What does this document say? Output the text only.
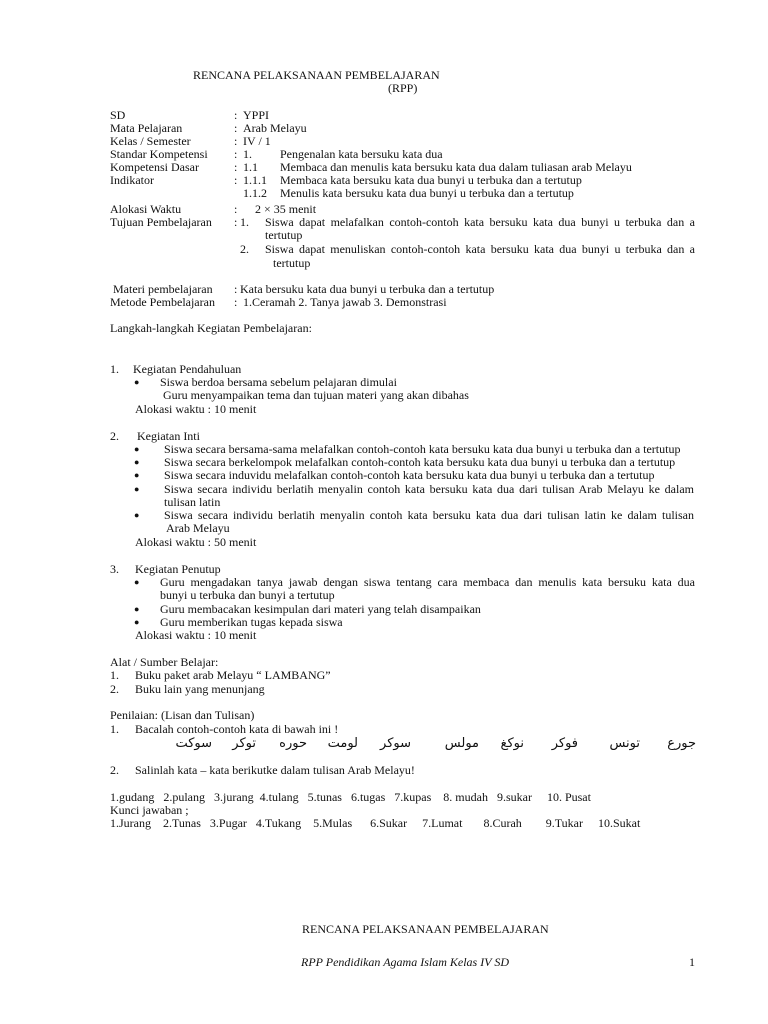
RENCANA PELAKSANAAN PEMBELAJARAN
(RPP)
SD	: YPPI
Mata Pelajaran	: Arab Melayu
Kelas / Semester	: IV / 1
Standar Kompetensi : 1. Pengenalan kata bersuku kata dua
Kompetensi Dasar	: 1.1 Membaca dan menulis kata bersuku kata dua dalam tuliasan arab Melayu
Indikator	: 1.1.1 Membaca kata bersuku kata dua bunyi u terbuka dan a tertutup
1.1.2 Menulis kata bersuku kata dua bunyi u terbuka dan a tertutup
Alokasi Waktu	: 2 × 35 menit
Tujuan Pembelajaran : 1. Siswa dapat melafalkan contoh-contoh kata bersuku kata dua bunyi u terbuka dan a
tertutup
2. Siswa dapat menuliskan contoh-contoh kata bersuku kata dua bunyi u terbuka dan a
tertutup
Materi pembelajaran : Kata bersuku kata dua bunyi u terbuka dan a tertutup
Metode Pembelajaran : 1.Ceramah 2. Tanya jawab 3. Demonstrasi
Langkah-langkah Kegiatan Pembelajaran:
1. Kegiatan Pendahuluan
● Siswa berdoa bersama sebelum pelajaran dimulai
Guru menyampaikan tema dan tujuan materi yang akan dibahas
Alokasi waktu : 10 menit
2. Kegiatan Inti
● Siswa secara bersama-sama melafalkan contoh-contoh kata bersuku kata dua bunyi u terbuka dan a tertutup
● Siswa secara berkelompok melafalkan contoh-contoh kata bersuku kata dua bunyi u terbuka dan a tertutup
● Siswa secara induvidu melafalkan contoh-contoh kata bersuku kata dua bunyi u terbuka dan a tertutup
● Siswa secara individu berlatih menyalin contoh kata bersuku kata dua dari tulisan Arab Melayu ke dalam
tulisan latin
● Siswa secara individu berlatih menyalin contoh kata bersuku kata dua dari tulisan latin ke dalam tulisan
Arab Melayu
Alokasi waktu : 50 menit
3. Kegiatan Penutup
● Guru mengadakan tanya jawab dengan siswa tentang cara membaca dan menulis kata bersuku kata dua
bunyi u terbuka dan bunyi a tertutup
● Guru membacakan kesimpulan dari materi yang telah disampaikan
● Guru memberikan tugas kepada siswa
Alokasi waktu : 10 menit
Alat / Sumber Belajar:
1. Buku paket arab Melayu “ LAMBANG”
2. Buku lain yang menunjang
Penilaian: (Lisan dan Tulisan)
1. Bacalah contoh-contoh kata di bawah ini !
جورع
تونس
فوكر
نوكغ
مولس
سوكر
لومت
حوره
توكر
سوكت
2. Salinlah kata – kata berikutke dalam tulisan Arab Melayu!
1.gudang   2.pulang   3.jurang  4.tulang   5.tunas   6.tugas   7.kupas    8. mudah   9.sukar     10. Pusat
Kunci jawaban ;
1.Jurang    2.Tunas   3.Pugar   4.Tukang    5.Mulas      6.Sukar     7.Lumat       8.Curah        9.Tukar     10.Sukat
RENCANA PELAKSANAAN PEMBELAJARAN
RPP Pendidikan Agama Islam Kelas IV SD	1
